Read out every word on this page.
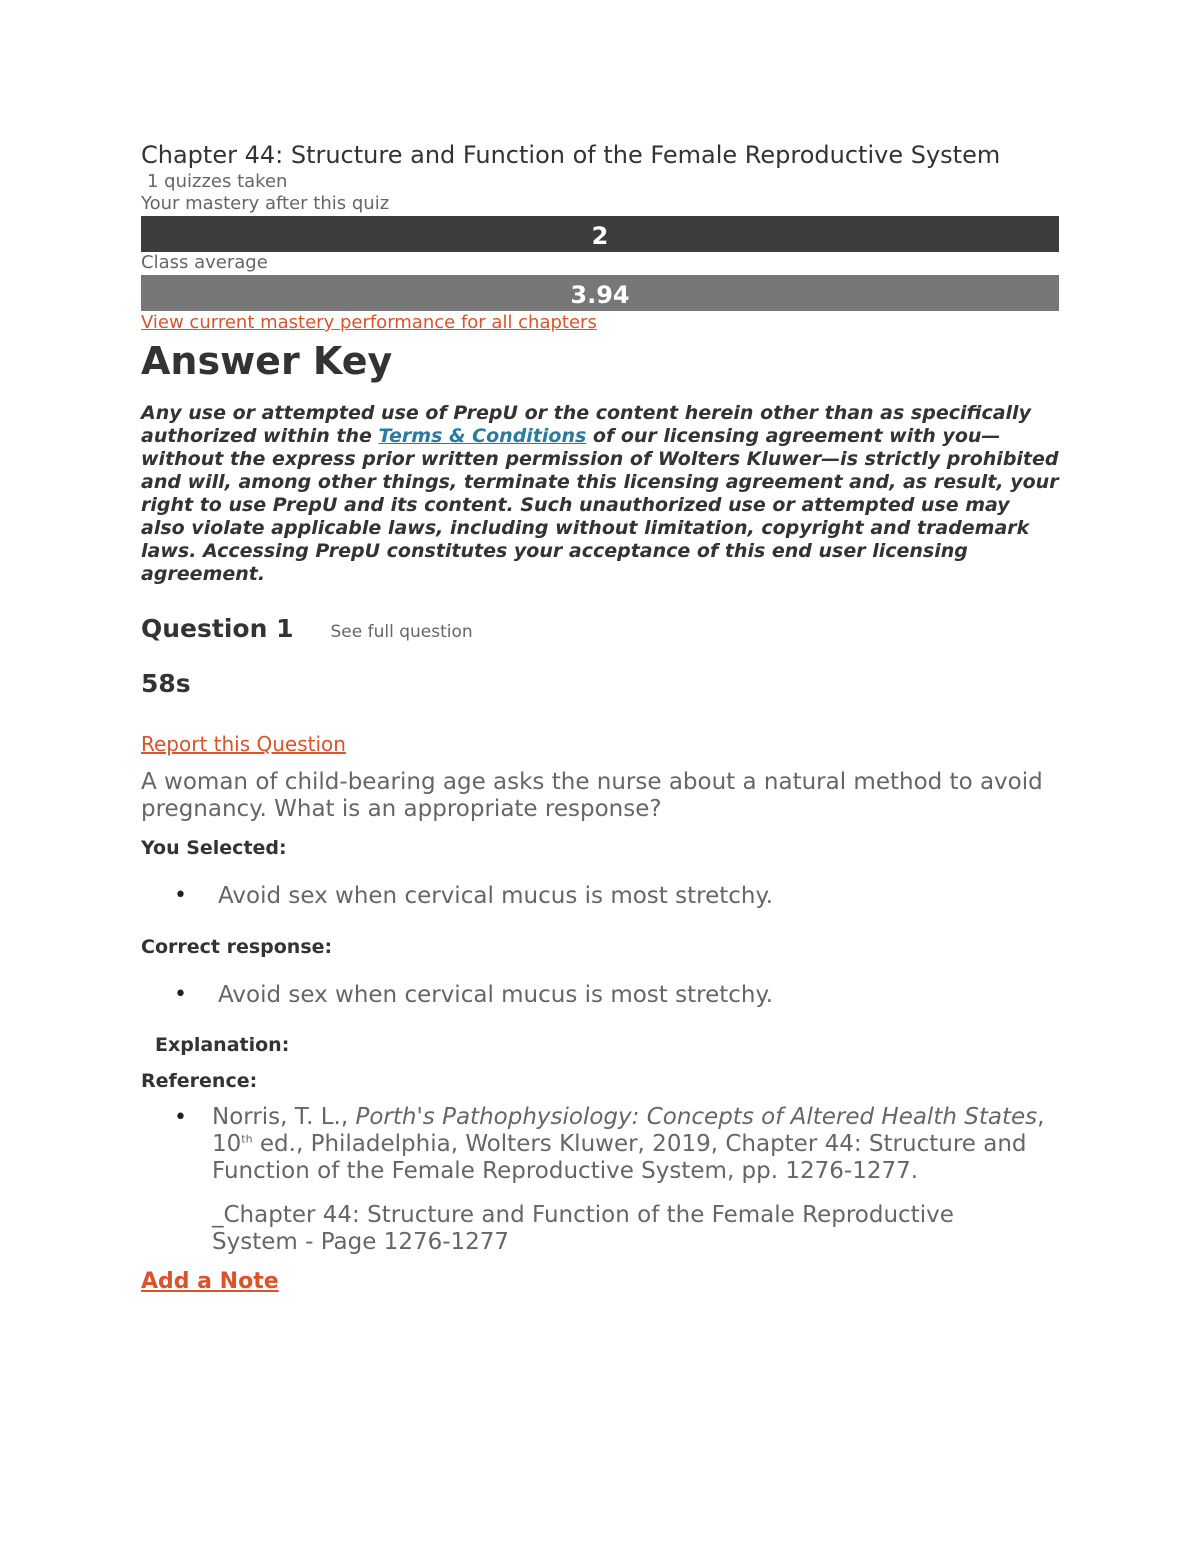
Chapter 44: Structure and Function of the Female Reproductive System
1 quizzes taken
Your mastery after this quiz
2
Class average
3.94
View current mastery performance for all chapters
Answer Key
Any use or attempted use of PrepU or the content herein other than as specifically authorized within the Terms & Conditions of our licensing agreement with you—without the express prior written permission of Wolters Kluwer—is strictly prohibited and will, among other things, terminate this licensing agreement and, as result, your right to use PrepU and its content. Such unauthorized use or attempted use may also violate applicable laws, including without limitation, copyright and trademark laws. Accessing PrepU constitutes your acceptance of this end user licensing agreement.
Question 1 See full question
58s
Report this Question
A woman of child-bearing age asks the nurse about a natural method to avoid pregnancy. What is an appropriate response?
You Selected:
• Avoid sex when cervical mucus is most stretchy.
Correct response:
• Avoid sex when cervical mucus is most stretchy.
Explanation:
Reference:
• Norris, T. L., Porth's Pathophysiology: Concepts of Altered Health States, 10th ed., Philadelphia, Wolters Kluwer, 2019, Chapter 44: Structure and Function of the Female Reproductive System, pp. 1276-1277.
_Chapter 44: Structure and Function of the Female Reproductive System - Page 1276-1277
Add a Note
